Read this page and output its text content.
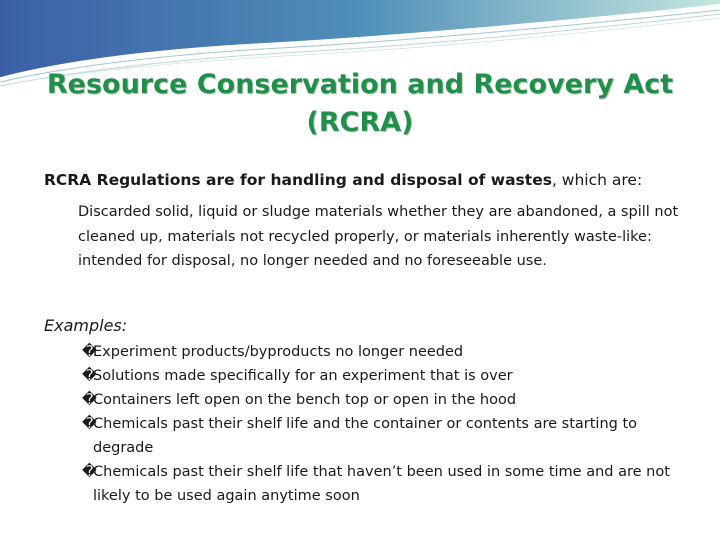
Resource Conservation and Recovery Act
(RCRA)
RCRA Regulations are for handling and disposal of wastes, which are:
Discarded solid, liquid or sludge materials whether they are abandoned, a spill not cleaned up, materials not recycled properly, or materials inherently waste-like: intended for disposal, no longer needed and no foreseeable use.
Examples:
�Experiment products/byproducts no longer needed
�Solutions made specifically for an experiment that is over
�Containers left open on the bench top or open in the hood
�Chemicals past their shelf life and the container or contents are starting to degrade
�Chemicals past their shelf life that haven’t been used in some time and are not likely to be used again anytime soon
